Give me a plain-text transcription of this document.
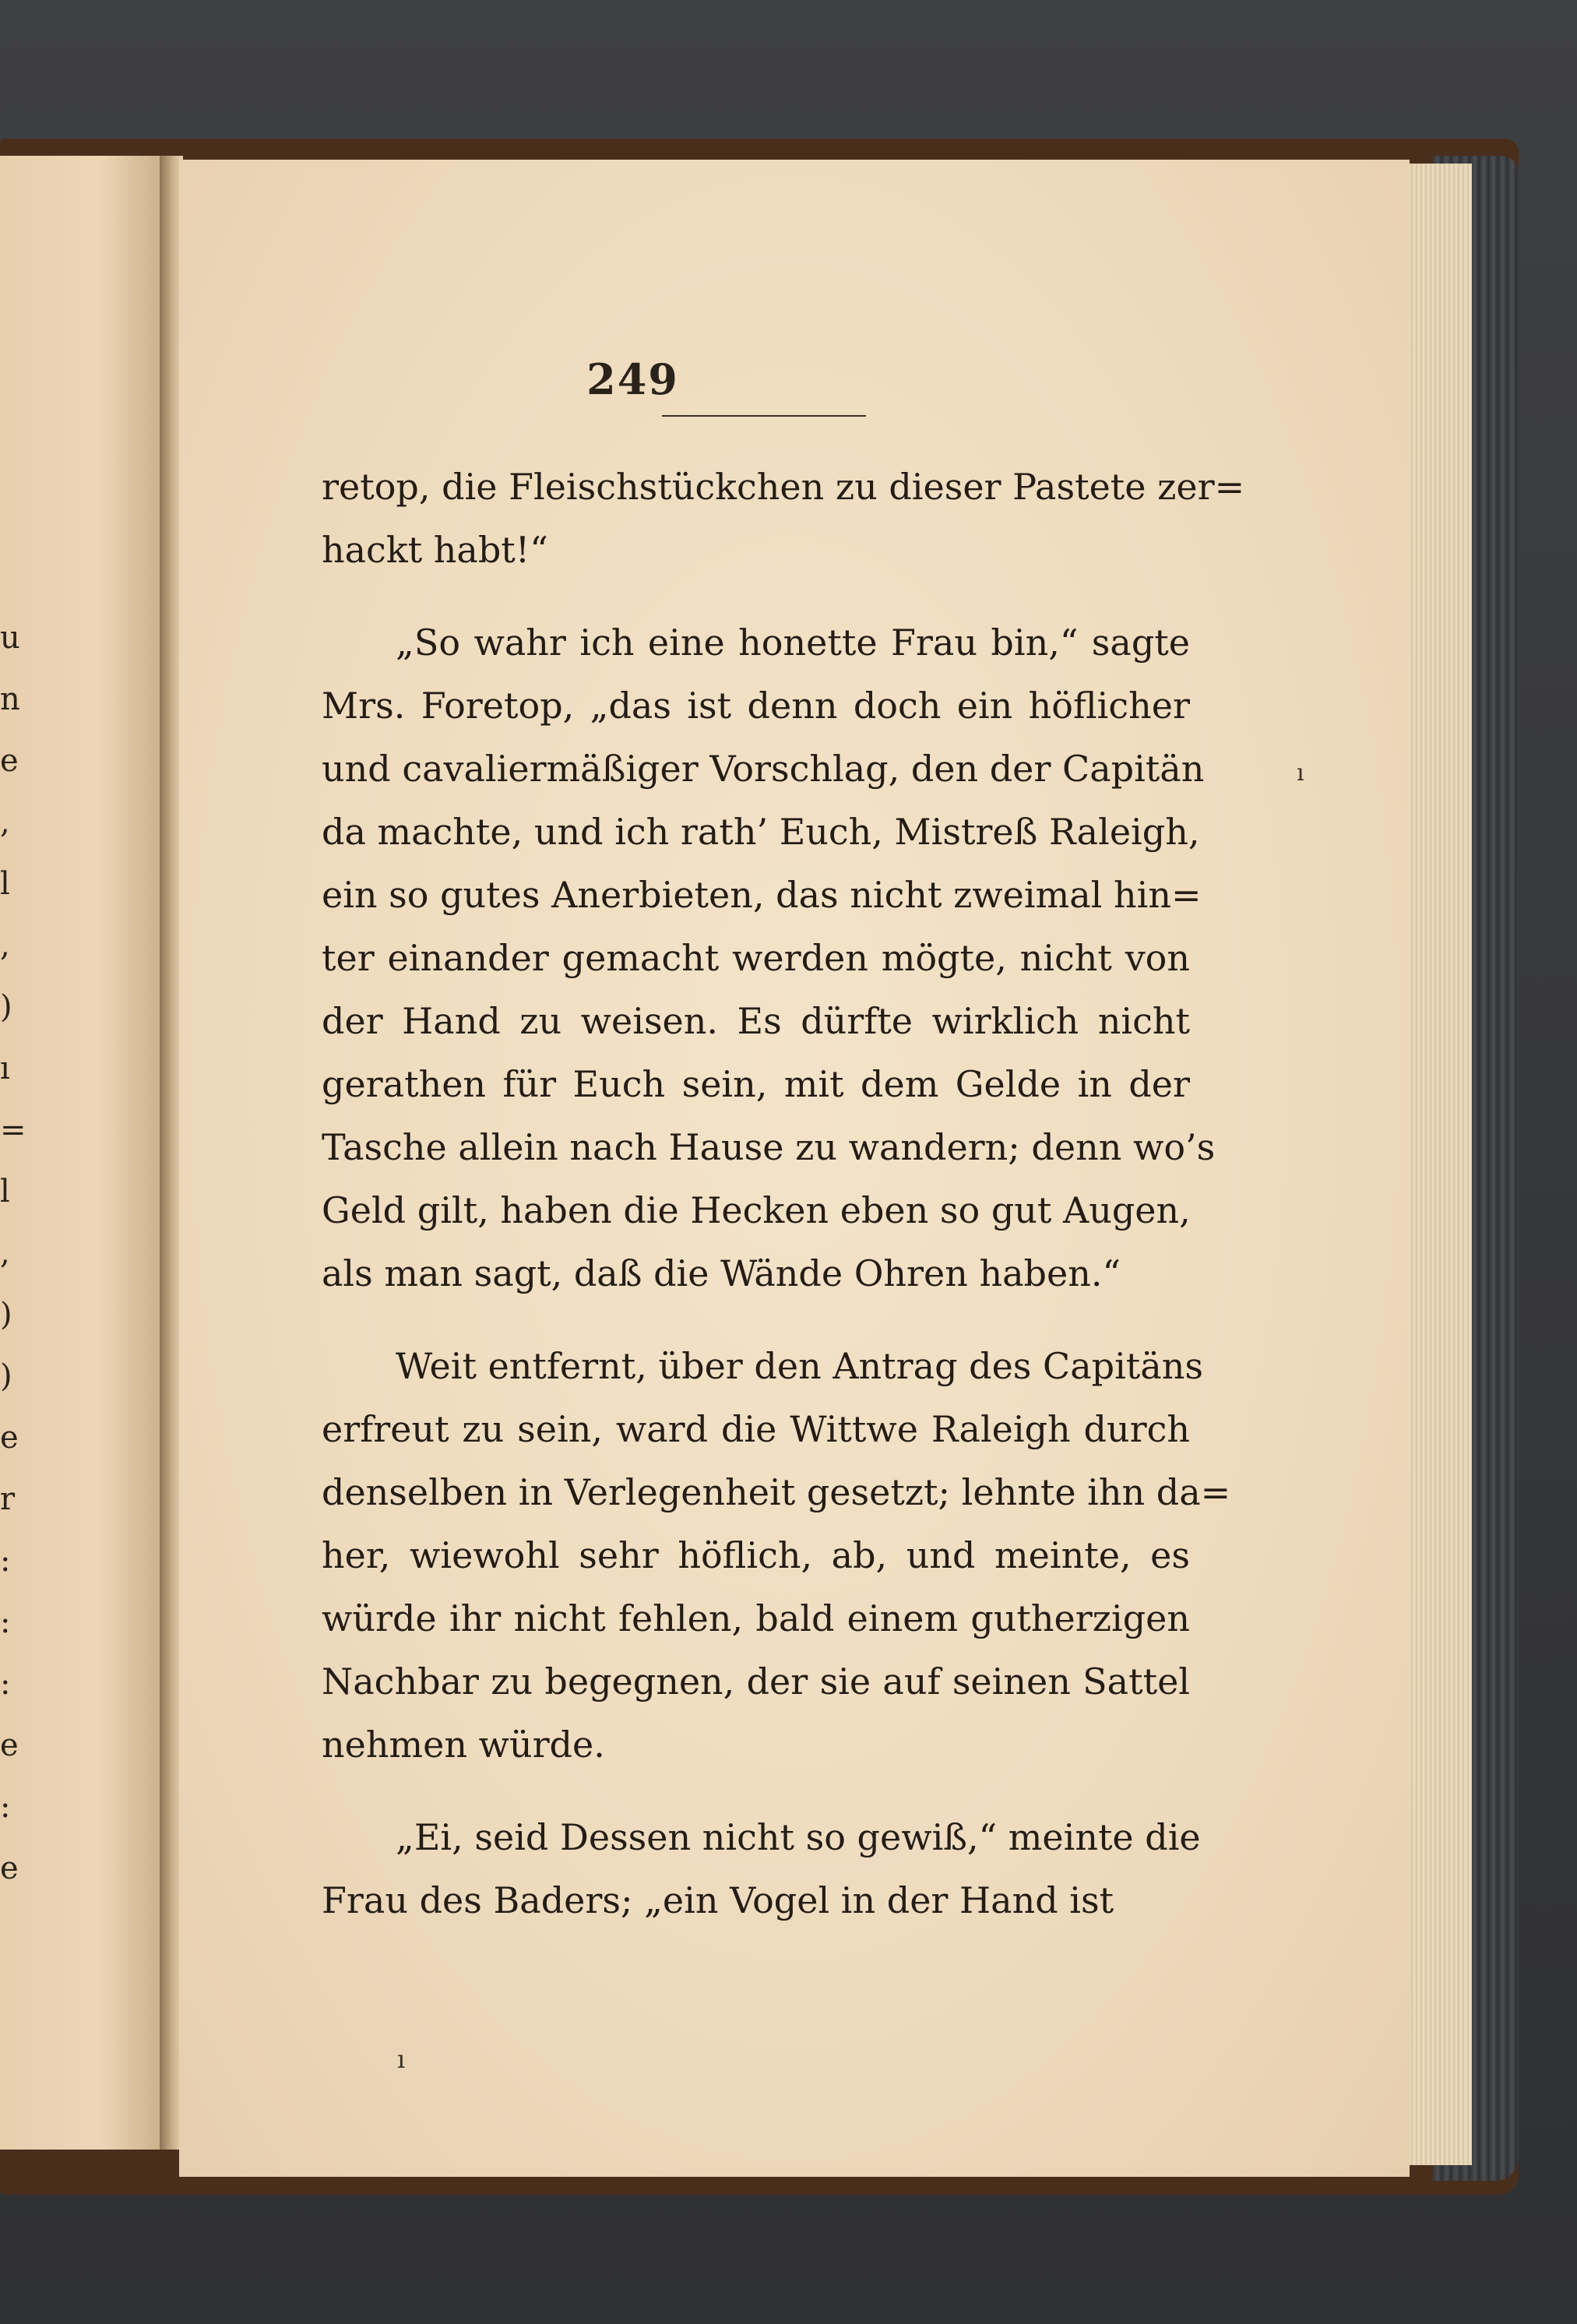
u
n
e
,
l
,
)
ı
=
l
,
)
)
e
r
:
:
:
e
:
e
249
retop, die Fleischstückchen zu dieser Pastete zer=
hackt habt!“
„So wahr ich eine honette Frau bin,“ sagte
Mrs. Foretop, „das ist denn doch ein höflicher
und cavaliermäßiger Vorschlag, den der Capitän
da machte, und ich rath’ Euch, Mistreß Raleigh,
ein so gutes Anerbieten, das nicht zweimal hin=
ter einander gemacht werden mögte, nicht von
der Hand zu weisen. Es dürfte wirklich nicht
gerathen für Euch sein, mit dem Gelde in der
Tasche allein nach Hause zu wandern; denn wo’s
Geld gilt, haben die Hecken eben so gut Augen,
als man sagt, daß die Wände Ohren haben.“
Weit entfernt, über den Antrag des Capitäns
erfreut zu sein, ward die Wittwe Raleigh durch
denselben in Verlegenheit gesetzt; lehnte ihn da=
her, wiewohl sehr höflich, ab, und meinte, es
würde ihr nicht fehlen, bald einem gutherzigen
Nachbar zu begegnen, der sie auf seinen Sattel
nehmen würde.
„Ei, seid Dessen nicht so gewiß,“ meinte die
Frau des Baders; „ein Vogel in der Hand ist
ı
ı
